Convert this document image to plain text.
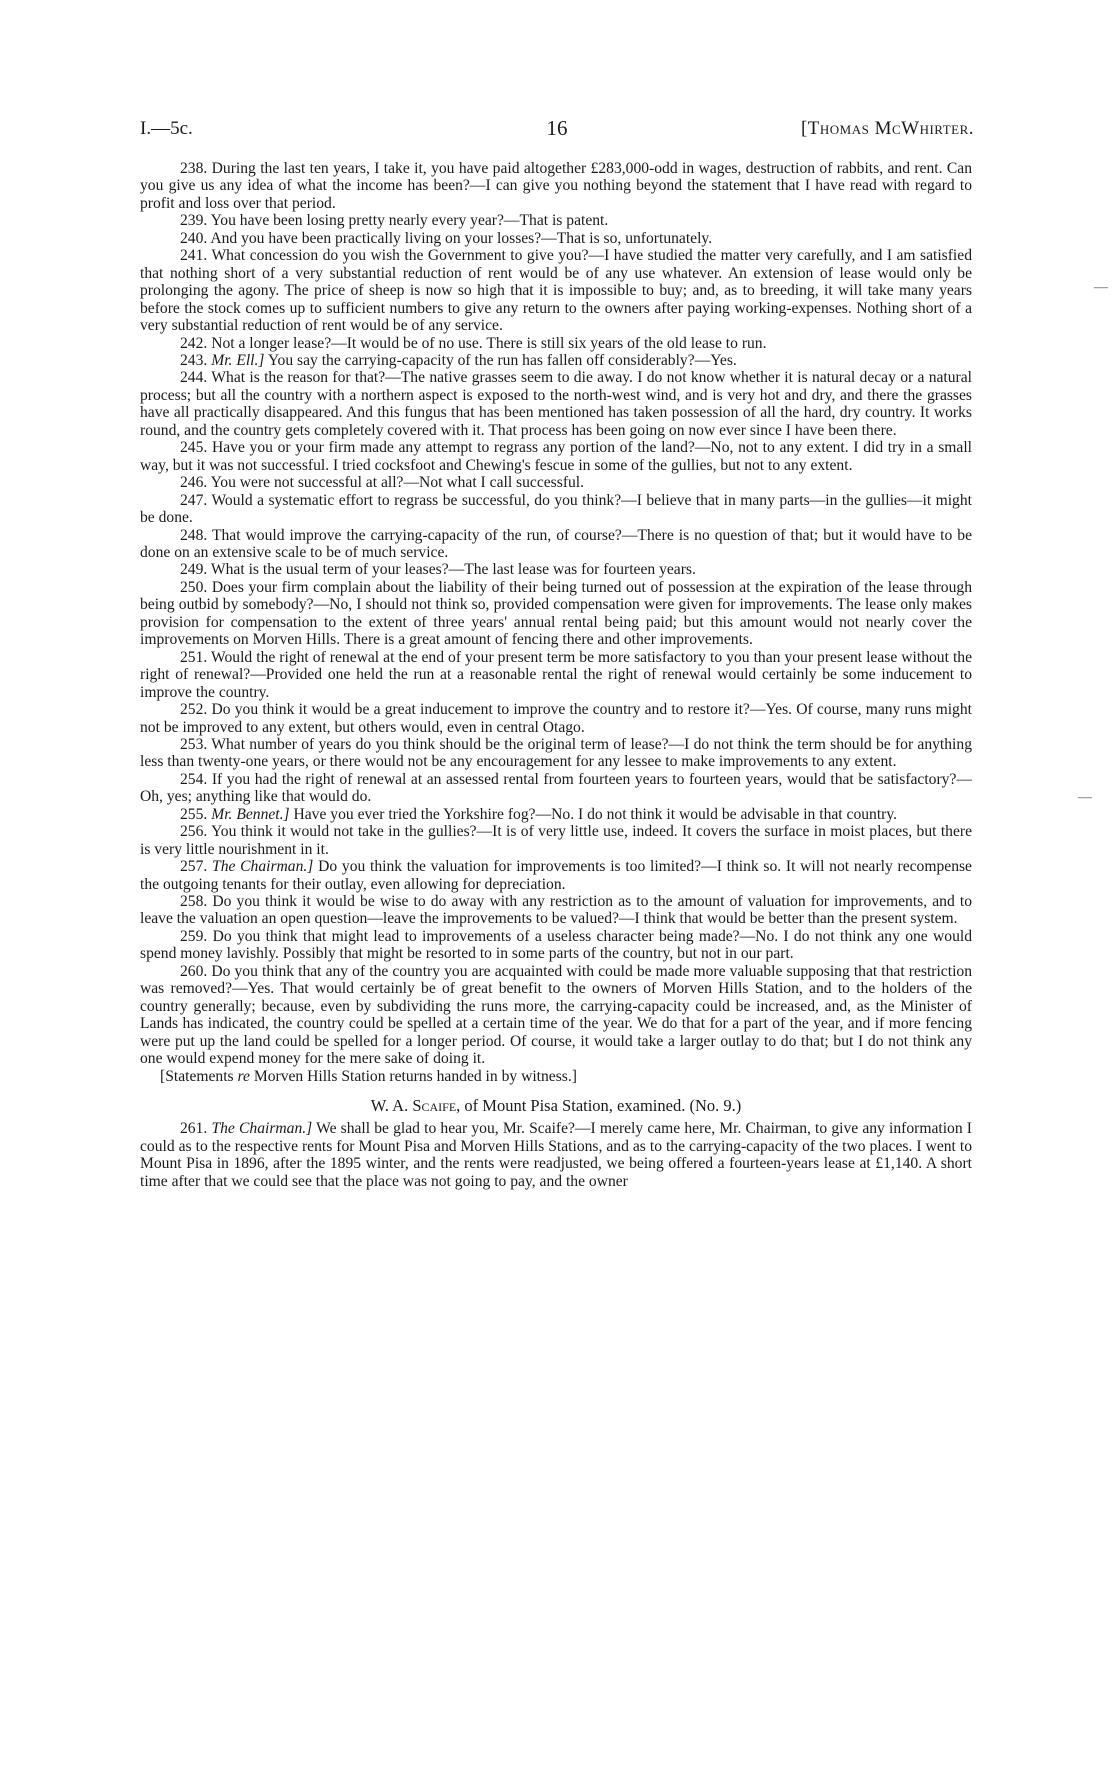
I.—5c.	16	[Thomas McWhirter.
—
—

238. During the last ten years, I take it, you have paid altogether £283,000-odd in wages, destruction of rabbits, and rent. Can you give us any idea of what the income has been?—I can give you nothing beyond the statement that I have read with regard to profit and loss over that period.

239. You have been losing pretty nearly every year?—That is patent.

240. And you have been practically living on your losses?—That is so, unfortunately.

241. What concession do you wish the Government to give you?—I have studied the matter very carefully, and I am satisfied that nothing short of a very substantial reduction of rent would be of any use whatever. An extension of lease would only be prolonging the agony. The price of sheep is now so high that it is impossible to buy; and, as to breeding, it will take many years before the stock comes up to sufficient numbers to give any return to the owners after paying working-expenses. Nothing short of a very substantial reduction of rent would be of any service.

242. Not a longer lease?—It would be of no use. There is still six years of the old lease to run.

243. Mr. Ell.] You say the carrying-capacity of the run has fallen off considerably?—Yes.

244. What is the reason for that?—The native grasses seem to die away. I do not know whether it is natural decay or a natural process; but all the country with a northern aspect is exposed to the north-west wind, and is very hot and dry, and there the grasses have all practically disappeared. And this fungus that has been mentioned has taken possession of all the hard, dry country. It works round, and the country gets completely covered with it. That process has been going on now ever since I have been there.

245. Have you or your firm made any attempt to regrass any portion of the land?—No, not to any extent. I did try in a small way, but it was not successful. I tried cocksfoot and Chewing's fescue in some of the gullies, but not to any extent.

246. You were not successful at all?—Not what I call successful.

247. Would a systematic effort to regrass be successful, do you think?—I believe that in many parts—in the gullies—it might be done.

248. That would improve the carrying-capacity of the run, of course?—There is no question of that; but it would have to be done on an extensive scale to be of much service.

249. What is the usual term of your leases?—The last lease was for fourteen years.

250. Does your firm complain about the liability of their being turned out of possession at the expiration of the lease through being outbid by somebody?—No, I should not think so, provided compensation were given for improvements. The lease only makes provision for compensation to the extent of three years' annual rental being paid; but this amount would not nearly cover the improvements on Morven Hills. There is a great amount of fencing there and other improvements.

251. Would the right of renewal at the end of your present term be more satisfactory to you than your present lease without the right of renewal?—Provided one held the run at a reasonable rental the right of renewal would certainly be some inducement to improve the country.

252. Do you think it would be a great inducement to improve the country and to restore it?—Yes. Of course, many runs might not be improved to any extent, but others would, even in central Otago.

253. What number of years do you think should be the original term of lease?—I do not think the term should be for anything less than twenty-one years, or there would not be any encouragement for any lessee to make improvements to any extent.

254. If you had the right of renewal at an assessed rental from fourteen years to fourteen years, would that be satisfactory?—Oh, yes; anything like that would do.

255. Mr. Bennet.] Have you ever tried the Yorkshire fog?—No. I do not think it would be advisable in that country.

256. You think it would not take in the gullies?—It is of very little use, indeed. It covers the surface in moist places, but there is very little nourishment in it.

257. The Chairman.] Do you think the valuation for improvements is too limited?—I think so. It will not nearly recompense the outgoing tenants for their outlay, even allowing for depreciation.

258. Do you think it would be wise to do away with any restriction as to the amount of valuation for improvements, and to leave the valuation an open question—leave the improvements to be valued?—I think that would be better than the present system.

259. Do you think that might lead to improvements of a useless character being made?—No. I do not think any one would spend money lavishly. Possibly that might be resorted to in some parts of the country, but not in our part.

260. Do you think that any of the country you are acquainted with could be made more valuable supposing that that restriction was removed?—Yes. That would certainly be of great benefit to the owners of Morven Hills Station, and to the holders of the country generally; because, even by subdividing the runs more, the carrying-capacity could be increased, and, as the Minister of Lands has indicated, the country could be spelled at a certain time of the year. We do that for a part of the year, and if more fencing were put up the land could be spelled for a longer period. Of course, it would take a larger outlay to do that; but I do not think any one would expend money for the mere sake of doing it.

[Statements re Morven Hills Station returns handed in by witness.]

W. A. Scaife, of Mount Pisa Station, examined. (No. 9.)

261. The Chairman.] We shall be glad to hear you, Mr. Scaife?—I merely came here, Mr. Chairman, to give any information I could as to the respective rents for Mount Pisa and Morven Hills Stations, and as to the carrying-capacity of the two places. I went to Mount Pisa in 1896, after the 1895 winter, and the rents were readjusted, we being offered a fourteen-years lease at £1,140. A short time after that we could see that the place was not going to pay, and the owner
